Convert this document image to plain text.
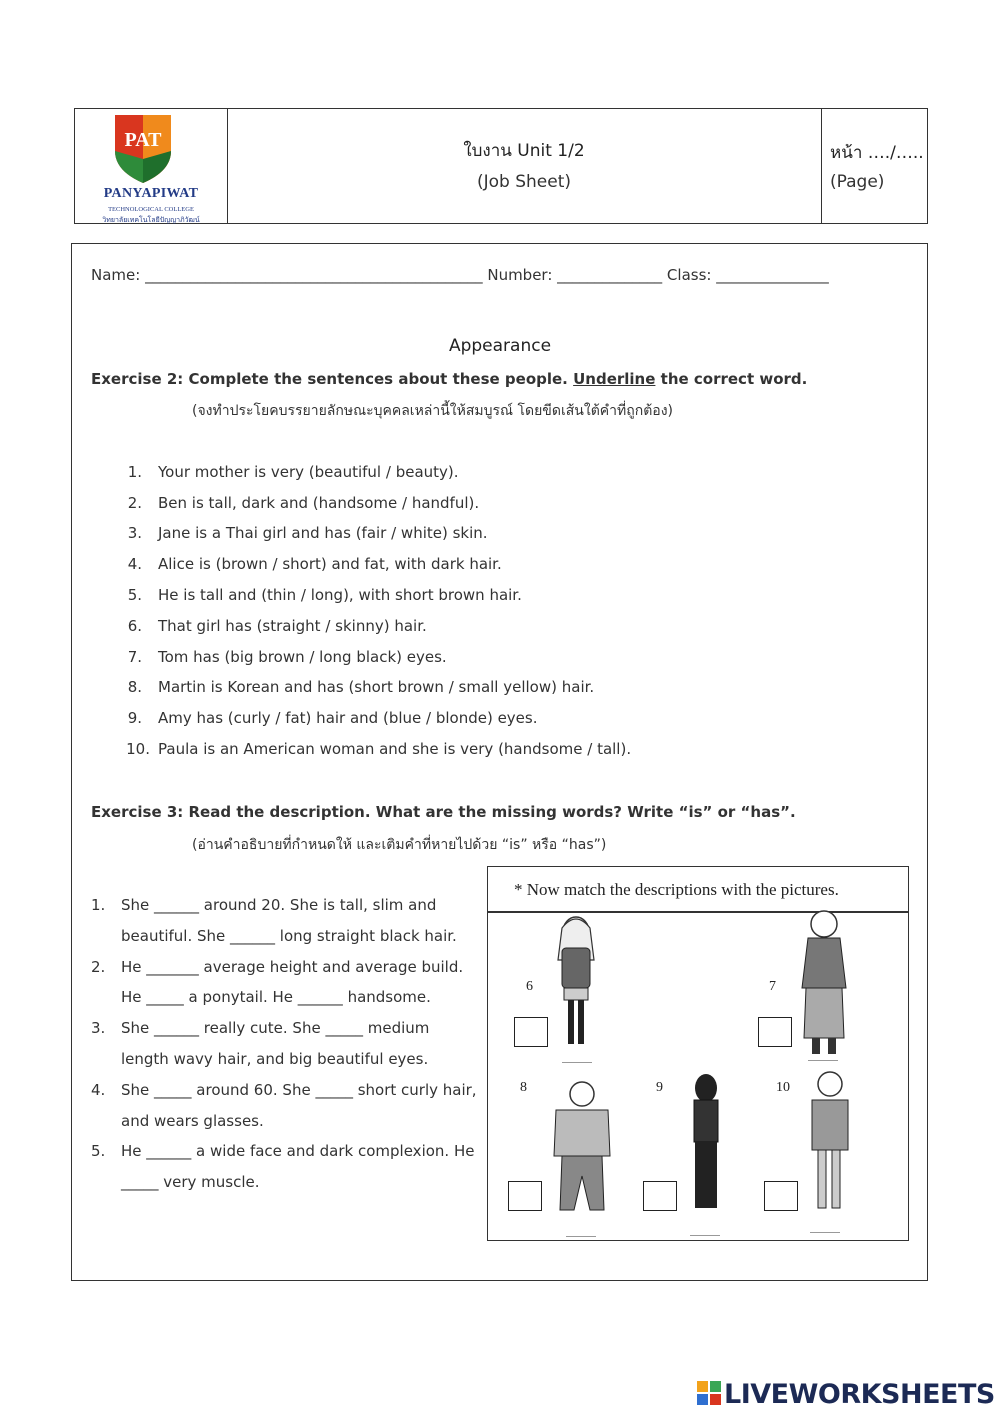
PAT
PANYAPIWAT
TECHNOLOGICAL COLLEGE
วิทยาลัยเทคโนโลยีปัญญาภิวัฒน์
ใบงาน Unit 1/2
(Job Sheet)
หน้า …./…..
(Page)
Name: _____________________________________________ Number: ______________ Class: _______________
Appearance
Exercise 2: Complete the sentences about these people. Underline the correct word.
(จงทำประโยคบรรยายลักษณะบุคคลเหล่านี้ให้สมบูรณ์ โดยขีดเส้นใต้คำที่ถูกต้อง)
1. Your mother is very (beautiful / beauty).
2. Ben is tall, dark and (handsome / handful).
3. Jane is a Thai girl and has (fair / white) skin.
4. Alice is (brown / short) and fat, with dark hair.
5. He is tall and (thin / long), with short brown hair.
6. That girl has (straight / skinny) hair.
7. Tom has (big brown / long black) eyes.
8. Martin is Korean and has (short brown / small yellow) hair.
9. Amy has (curly / fat) hair and (blue / blonde) eyes.
10. Paula is an American woman and she is very (handsome / tall).
Exercise 3: Read the description. What are the missing words? Write “is” or “has”.
(อ่านคำอธิบายที่กำหนดให้ และเติมคำที่หายไปด้วย “is” หรือ “has”)
1. She ______ around 20. She is tall, slim and
beautiful. She ______ long straight black hair.
2. He _______ average height and average build.
He _____ a ponytail. He ______ handsome.
3. She ______ really cute. She _____ medium
length wavy hair, and big beautiful eyes.
4. She _____ around 60. She _____ short curly hair,
and wears glasses.
5. He ______ a wide face and dark complexion. He
_____ very muscle.
* Now match the descriptions with the pictures.
6	7
8	9	10
LIVEWORKSHEETS
